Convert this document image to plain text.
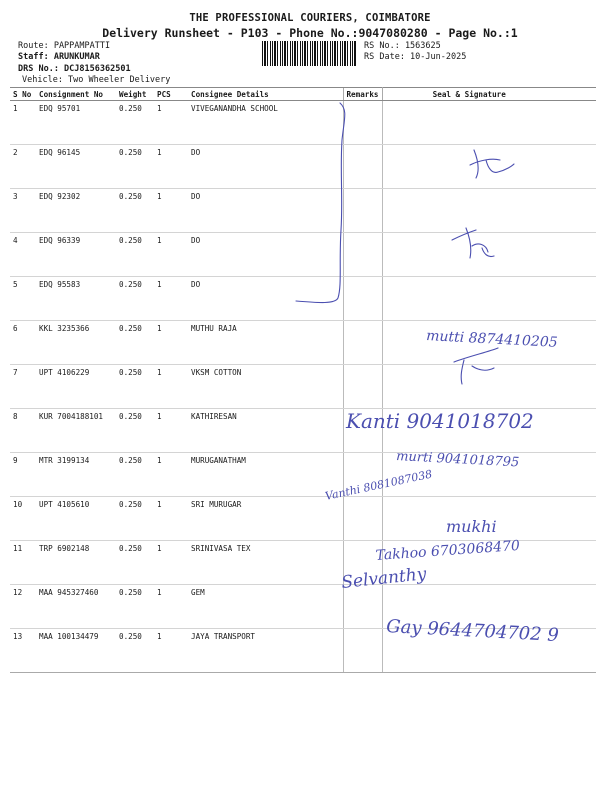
THE PROFESSIONAL COURIERS, COIMBATORE
Delivery Runsheet - P103 - Phone No.:9047080280 - Page No.:1
Route: PAPPAMPATTI
Staff: ARUNKUMAR
DRS No.: DCJ8156362501
Vehicle: Two Wheeler Delivery
RS No.: 1563625
RS Date: 10-Jun-2025
S No	Consignment No	Weight	PCS	Consignee Details	Remarks	Seal & Signature
1	EDQ 95701	0.250	1	VIVEGANANDHA SCHOOL		
2	EDQ 96145	0.250	1	DO		
3	EDQ 92302	0.250	1	DO		
4	EDQ 96339	0.250	1	DO		
5	EDQ 95583	0.250	1	DO		
6	KKL 3235366	0.250	1	MUTHU RAJA		
7	UPT 4106229	0.250	1	VKSM COTTON		
8	KUR 7004188101	0.250	1	KATHIRESAN		
9	MTR 3199134	0.250	1	MURUGANATHAM		
10	UPT 4105610	0.250	1	SRI MURUGAR		
11	TRP 6902148	0.250	1	SRINIVASA TEX		
12	MAA 945327460	0.250	1	GEM		
13	MAA 100134479	0.250	1	JAYA TRANSPORT		
mutti 8874410205
Kanti 9041018702
murti 9041018795
Vanthi 8081087038
mukhi
Takhoo 6703068470
Selvanthy
Gay 9644704702 9
